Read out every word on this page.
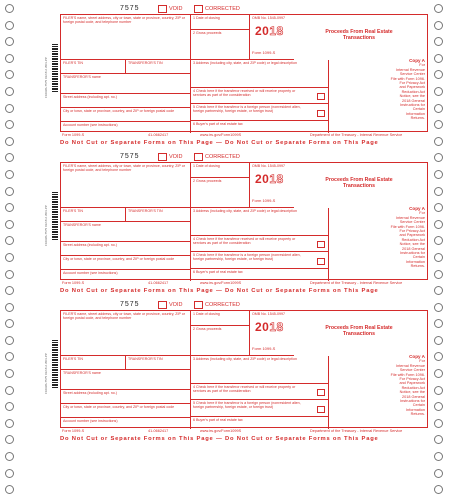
F1099S-7575 01/18 A 35FLPP
7575	VOID	CORRECTED
FILER'S name, street address, city or town, state or province, country, ZIP or foreign postal code, and telephone number
1 Date of closing	OMB No. 1545-0997
2018
Form 1099-S
2 Gross proceeds	Proceeds From Real Estate Transactions
FILER'S TIN	TRANSFEROR'S TIN	3 Address (including city, state, and ZIP code) or legal description
TRANSFEROR'S name
4 Check here if the transferor received or will receive property or services as part of the consideration
Street address (including apt. no.)
5 Check here if the transferor is a foreign person (nonresident alien, foreign partnership, foreign estate, or foreign trust)
City or town, state or province, country, and ZIP or foreign postal code
Account number (see instructions)	6 Buyer's part of real estate tax
Copy A
For
Internal Revenue
Service Center
File with Form 1096.
For Privacy Act
and Paperwork
Reduction Act
Notice, see the
2018 General
Instructions for
Certain
Information
Returns.
Form 1099-S	41-0662417	www.irs.gov/Form1099S	Department of the Treasury - Internal Revenue Service
Do Not Cut or Separate Forms on This Page — Do Not Cut or Separate Forms on This Page
F1099S-7575 01/18 A 35FLPP
7575	VOID	CORRECTED
FILER'S name, street address, city or town, state or province, country, ZIP or foreign postal code, and telephone number
1 Date of closing	OMB No. 1545-0997
2018
Form 1099-S
2 Gross proceeds	Proceeds From Real Estate Transactions
FILER'S TIN	TRANSFEROR'S TIN	3 Address (including city, state, and ZIP code) or legal description
TRANSFEROR'S name
4 Check here if the transferor received or will receive property or services as part of the consideration
Street address (including apt. no.)
5 Check here if the transferor is a foreign person (nonresident alien, foreign partnership, foreign estate, or foreign trust)
City or town, state or province, country, and ZIP or foreign postal code
Account number (see instructions)	6 Buyer's part of real estate tax
Copy A
For
Internal Revenue
Service Center
File with Form 1096.
For Privacy Act
and Paperwork
Reduction Act
Notice, see the
2018 General
Instructions for
Certain
Information
Returns.
Form 1099-S	41-0662417	www.irs.gov/Form1099S	Department of the Treasury - Internal Revenue Service
Do Not Cut or Separate Forms on This Page — Do Not Cut or Separate Forms on This Page
F1099S-7575 01/18 A 35FLPP
7575	VOID	CORRECTED
FILER'S name, street address, city or town, state or province, country, ZIP or foreign postal code, and telephone number
1 Date of closing	OMB No. 1545-0997
2018
Form 1099-S
2 Gross proceeds	Proceeds From Real Estate Transactions
FILER'S TIN	TRANSFEROR'S TIN	3 Address (including city, state, and ZIP code) or legal description
TRANSFEROR'S name
4 Check here if the transferor received or will receive property or services as part of the consideration
Street address (including apt. no.)
5 Check here if the transferor is a foreign person (nonresident alien, foreign partnership, foreign estate, or foreign trust)
City or town, state or province, country, and ZIP or foreign postal code
Account number (see instructions)	6 Buyer's part of real estate tax
Copy A
For
Internal Revenue
Service Center
File with Form 1096.
For Privacy Act
and Paperwork
Reduction Act
Notice, see the
2018 General
Instructions for
Certain
Information
Returns.
Form 1099-S	41-0662417	www.irs.gov/Form1099S	Department of the Treasury - Internal Revenue Service
Do Not Cut or Separate Forms on This Page — Do Not Cut or Separate Forms on This Page
